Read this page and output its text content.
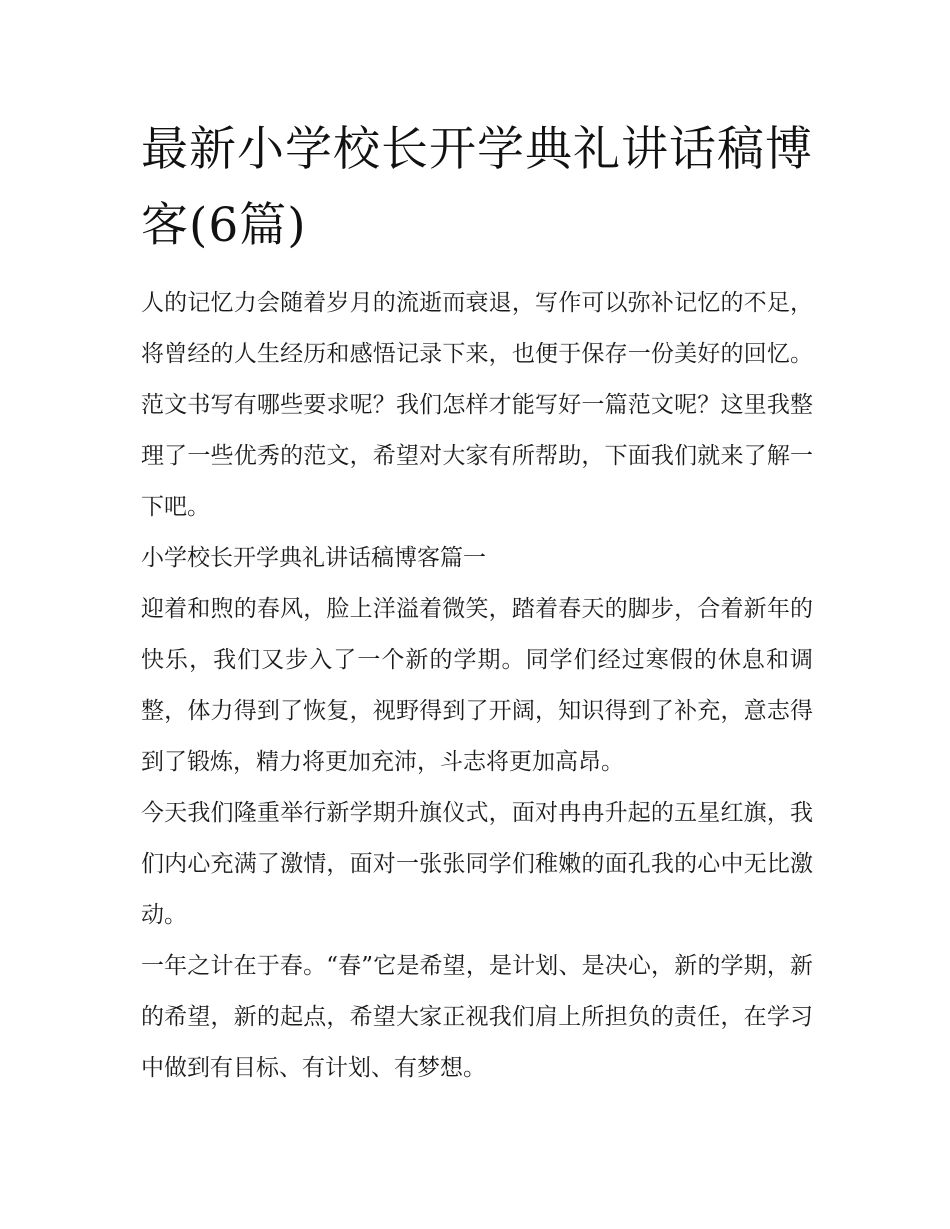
最新小学校长开学典礼讲话稿博客(6篇)

人的记忆力会随着岁月的流逝而衰退，写作可以弥补记忆的不足，将曾经的人生经历和感悟记录下来，也便于保存一份美好的回忆。范文书写有哪些要求呢？我们怎样才能写好一篇范文呢？这里我整理了一些优秀的范文，希望对大家有所帮助，下面我们就来了解一下吧。

小学校长开学典礼讲话稿博客篇一

迎着和煦的春风，脸上洋溢着微笑，踏着春天的脚步，合着新年的快乐，我们又步入了一个新的学期。同学们经过寒假的休息和调整，体力得到了恢复，视野得到了开阔，知识得到了补充，意志得到了锻炼，精力将更加充沛，斗志将更加高昂。

今天我们隆重举行新学期升旗仪式，面对冉冉升起的五星红旗，我们内心充满了激情，面对一张张同学们稚嫩的面孔我的心中无比激动。

一年之计在于春。“春”它是希望，是计划、是决心，新的学期，新的希望，新的起点，希望大家正视我们肩上所担负的责任，在学习中做到有目标、有计划、有梦想。
